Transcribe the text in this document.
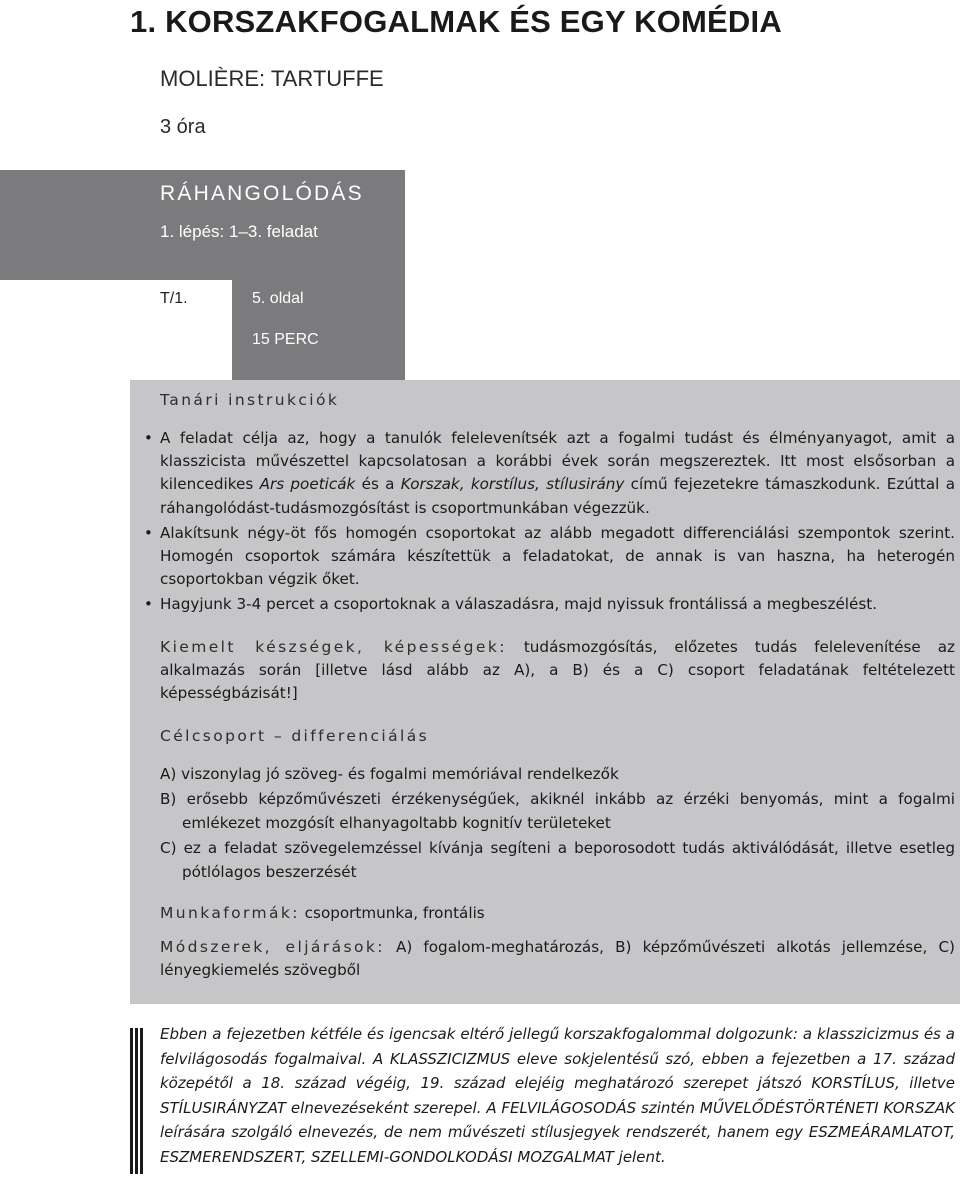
1. KORSZAKFOGALMAK ÉS EGY KOMÉDIA
MOLIÈRE: TARTUFFE
3 óra
RÁHANGOLÓDÁS
1. lépés: 1–3. feladat
T/1.	5. oldal
15 PERC
Tanári instrukciók
• A feladat célja az, hogy a tanulók felelevenítsék azt a fogalmi tudást és élményanyagot, amit a klasszicista művészettel kapcsolatosan a korábbi évek során megszereztek. Itt most elsősorban a kilencedikes Ars poeticák és a Korszak, korstílus, stílusirány című fejezetekre támaszkodunk. Ezúttal a ráhangolódást-tudásmozgósítást is csoportmunkában végezzük.
• Alakítsunk négy-öt fős homogén csoportokat az alább megadott differenciálási szempontok szerint. Homogén csoportok számára készítettük a feladatokat, de annak is van haszna, ha heterogén csoportokban végzik őket.
• Hagyjunk 3-4 percet a csoportoknak a válaszadásra, majd nyissuk frontálissá a megbeszélést.
Kiemelt készségek, képességek: tudásmozgósítás, előzetes tudás felelevenítése az alkalmazás során [illetve lásd alább az A), a B) és a C) csoport feladatának feltételezett képességbázisát!]
Célcsoport – differenciálás
A) viszonylag jó szöveg- és fogalmi memóriával rendelkezők
B) erősebb képzőművészeti érzékenységűek, akiknél inkább az érzéki benyomás, mint a fogalmi emlékezet mozgósít elhanyagoltabb kognitív területeket
C) ez a feladat szövegelemzéssel kívánja segíteni a beporosodott tudás aktiválódását, illetve esetleg pótlólagos beszerzését
Munkaformák: csoportmunka, frontális
Módszerek, eljárások: A) fogalom-meghatározás, B) képzőművészeti alkotás jellemzése, C) lényegkiemelés szövegből
Ebben a fejezetben kétféle és igencsak eltérő jellegű korszakfogalommal dolgozunk: a klasszicizmus és a felvilágosodás fogalmaival. A KLASSZICIZMUS eleve sokjelentésű szó, ebben a fejezetben a 17. század közepétől a 18. század végéig, 19. század elejéig meghatározó szerepet játszó KORSTÍLUS, illetve STÍLUSIRÁNYZAT elnevezéseként szerepel. A FELVILÁGOSODÁS szintén MŰVELŐDÉSTÖRTÉNETI KORSZAK leírására szolgáló elnevezés, de nem művészeti stílusjegyek rendszerét, hanem egy ESZMEÁRAMLATOT, ESZMERENDSZERT, SZELLEMI-GONDOLKODÁSI MOZGALMAT jelent.
